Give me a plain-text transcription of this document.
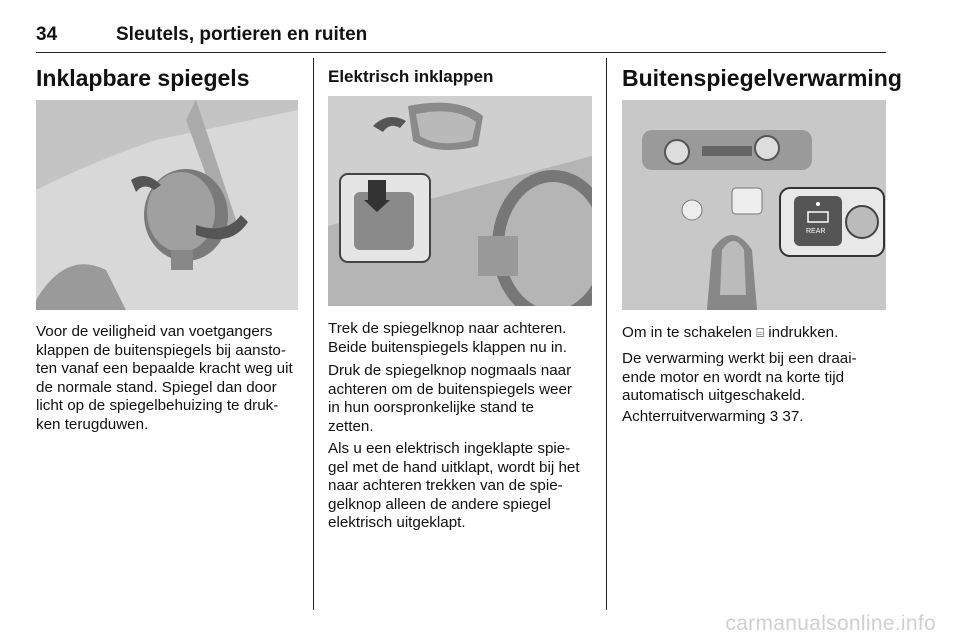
34	Sleutels, portieren en ruiten
Inklapbare spiegels
Voor de veiligheid van voetgangers
klappen de buitenspiegels bij aansto-
ten vanaf een bepaalde kracht weg uit
de normale stand. Spiegel dan door
licht op de spiegelbehuizing te druk-
ken terugduwen.
Elektrisch inklappen
Trek de spiegelknop naar achteren.
Beide buitenspiegels klappen nu in.
Druk de spiegelknop nogmaals naar
achteren om de buitenspiegels weer
in hun oorspronkelijke stand te
zetten.
Als u een elektrisch ingeklapte spie-
gel met de hand uitklapt, wordt bij het
naar achteren trekken van de spie-
gelknop alleen de andere spiegel
elektrisch uitgeklapt.
Buitenspiegelverwarming
REAR
Om in te schakelen ⌸ indrukken.
De verwarming werkt bij een draai-
ende motor en wordt na korte tijd
automatisch uitgeschakeld.
Achterruitverwarming 3 37.
carmanualsonline.info
